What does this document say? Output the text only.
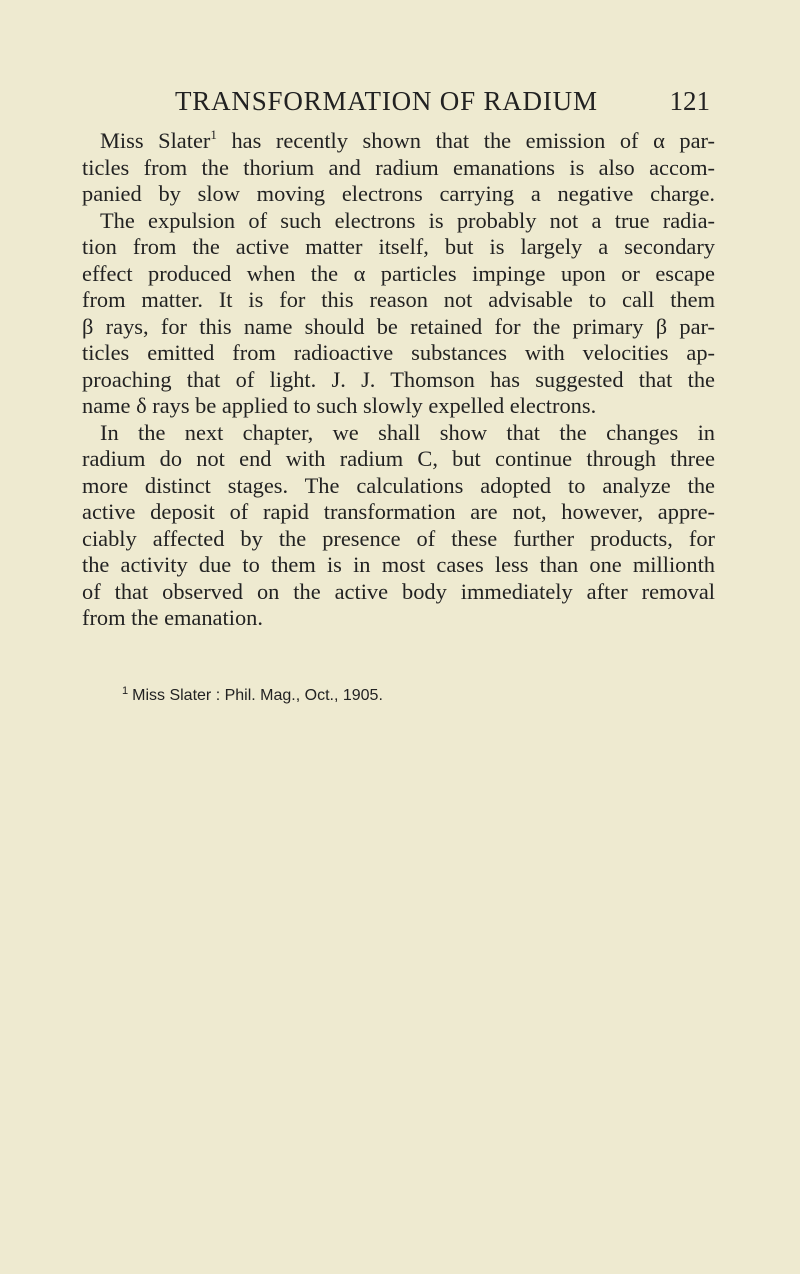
TRANSFORMATION OF RADIUM	121
Miss Slater$^1$ has recently shown that the emission of α par-
ticles from the thorium and radium emanations is also accom-
panied by slow moving electrons carrying a negative charge.
The expulsion of such electrons is probably not a true radia-
tion from the active matter itself, but is largely a secondary
effect produced when the α particles impinge upon or escape
from matter. It is for this reason not advisable to call them
β rays, for this name should be retained for the primary β par-
ticles emitted from radioactive substances with velocities ap-
proaching that of light. J. J. Thomson has suggested that the
name δ rays be applied to such slowly expelled electrons.
In the next chapter, we shall show that the changes in
radium do not end with radium C, but continue through three
more distinct stages. The calculations adopted to analyze the
active deposit of rapid transformation are not, however, appre-
ciably affected by the presence of these further products, for
the activity due to them is in most cases less than one millionth
of that observed on the active body immediately after removal
from the emanation.
$^1$ Miss Slater : Phil. Mag., Oct., 1905.
